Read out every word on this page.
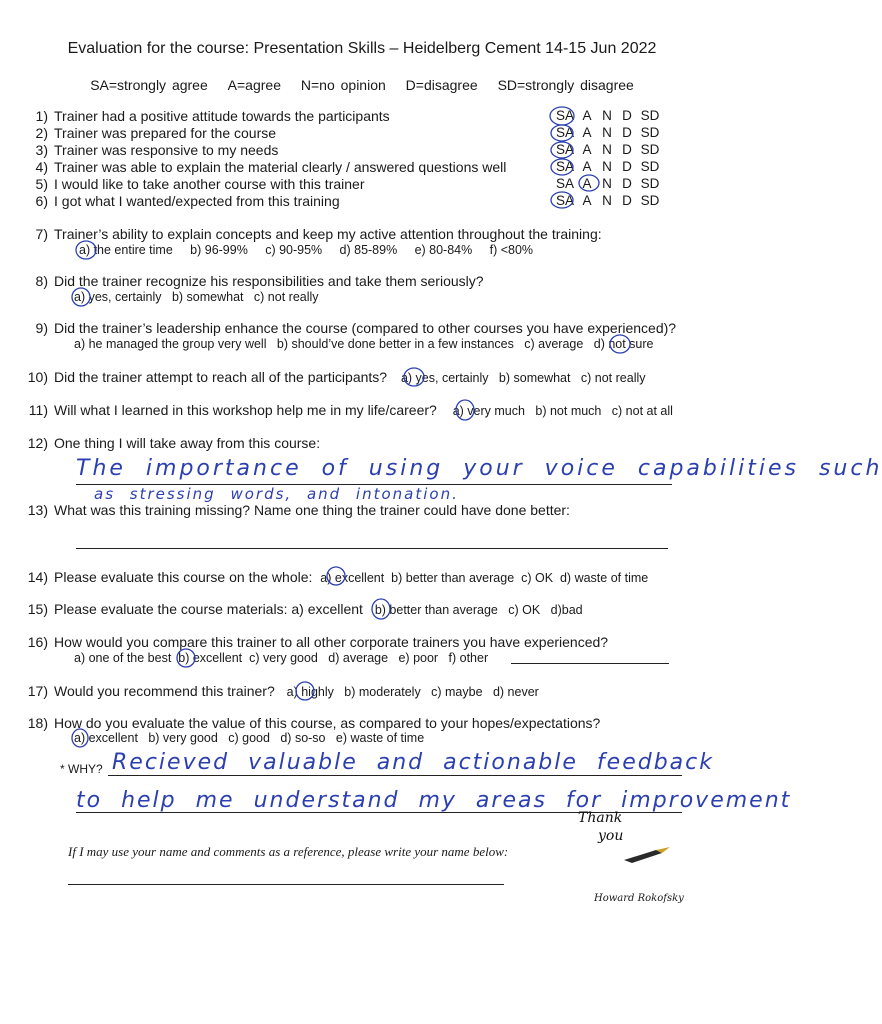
Evaluation for the course: Presentation Skills – Heidelberg Cement 14-15 Jun 2022
SA=strongly agree A=agree N=no opinion D=disagree SD=strongly disagree
1) Trainer had a positive attitude towards the participants
2) Trainer was prepared for the course
3) Trainer was responsive to my needs
4) Trainer was able to explain the material clearly / answered questions well
5) I would like to take another course with this trainer
6) I got what I wanted/expected from this training
SA A N D SD
SA A N D SD
SA A N D SD
SA A N D SD
SA A N D SD
SA A N D SD
7) Trainer’s ability to explain concepts and keep my active attention throughout the training:
a) the entire time     b) 96-99%     c) 90-95%     d) 85-89%     e) 80-84%     f) <80%
8) Did the trainer recognize his responsibilities and take them seriously?
a) yes, certainly   b) somewhat   c) not really
9) Did the trainer’s leadership enhance the course (compared to other courses you have experienced)?
a) he managed the group very well   b) should’ve done better in a few instances   c) average   d) not sure
10) Did the trainer attempt to reach all of the participants? a) yes, certainly   b) somewhat   c) not really
11) Will what I learned in this workshop help me in my life/career? a) very much   b) not much   c) not at all
12) One thing I will take away from this course:
The importance of using your voice capabilities such
as stressing words, and intonation.
13) What was this training missing? Name one thing the trainer could have done better:
14) Please evaluate this course on the whole: a) excellent  b) better than average  c) OK  d) waste of time
15) Please evaluate the course materials: a) excellent b) better than average   c) OK   d)bad
16) How would you compare this trainer to all other corporate trainers you have experienced?
a) one of the best  b) excellent  c) very good   d) average   e) poor   f) other
17) Would you recommend this trainer? a) highly   b) moderately   c) maybe   d) never
18) How do you evaluate the value of this course, as compared to your hopes/expectations?
a) excellent   b) very good   c) good   d) so-so   e) waste of time
* WHY? Recieved valuable and actionable feedback
to help me understand my areas for improvement
If I may use your name and comments as a reference, please write your name below:
Thank
you
Howard Rokofsky
